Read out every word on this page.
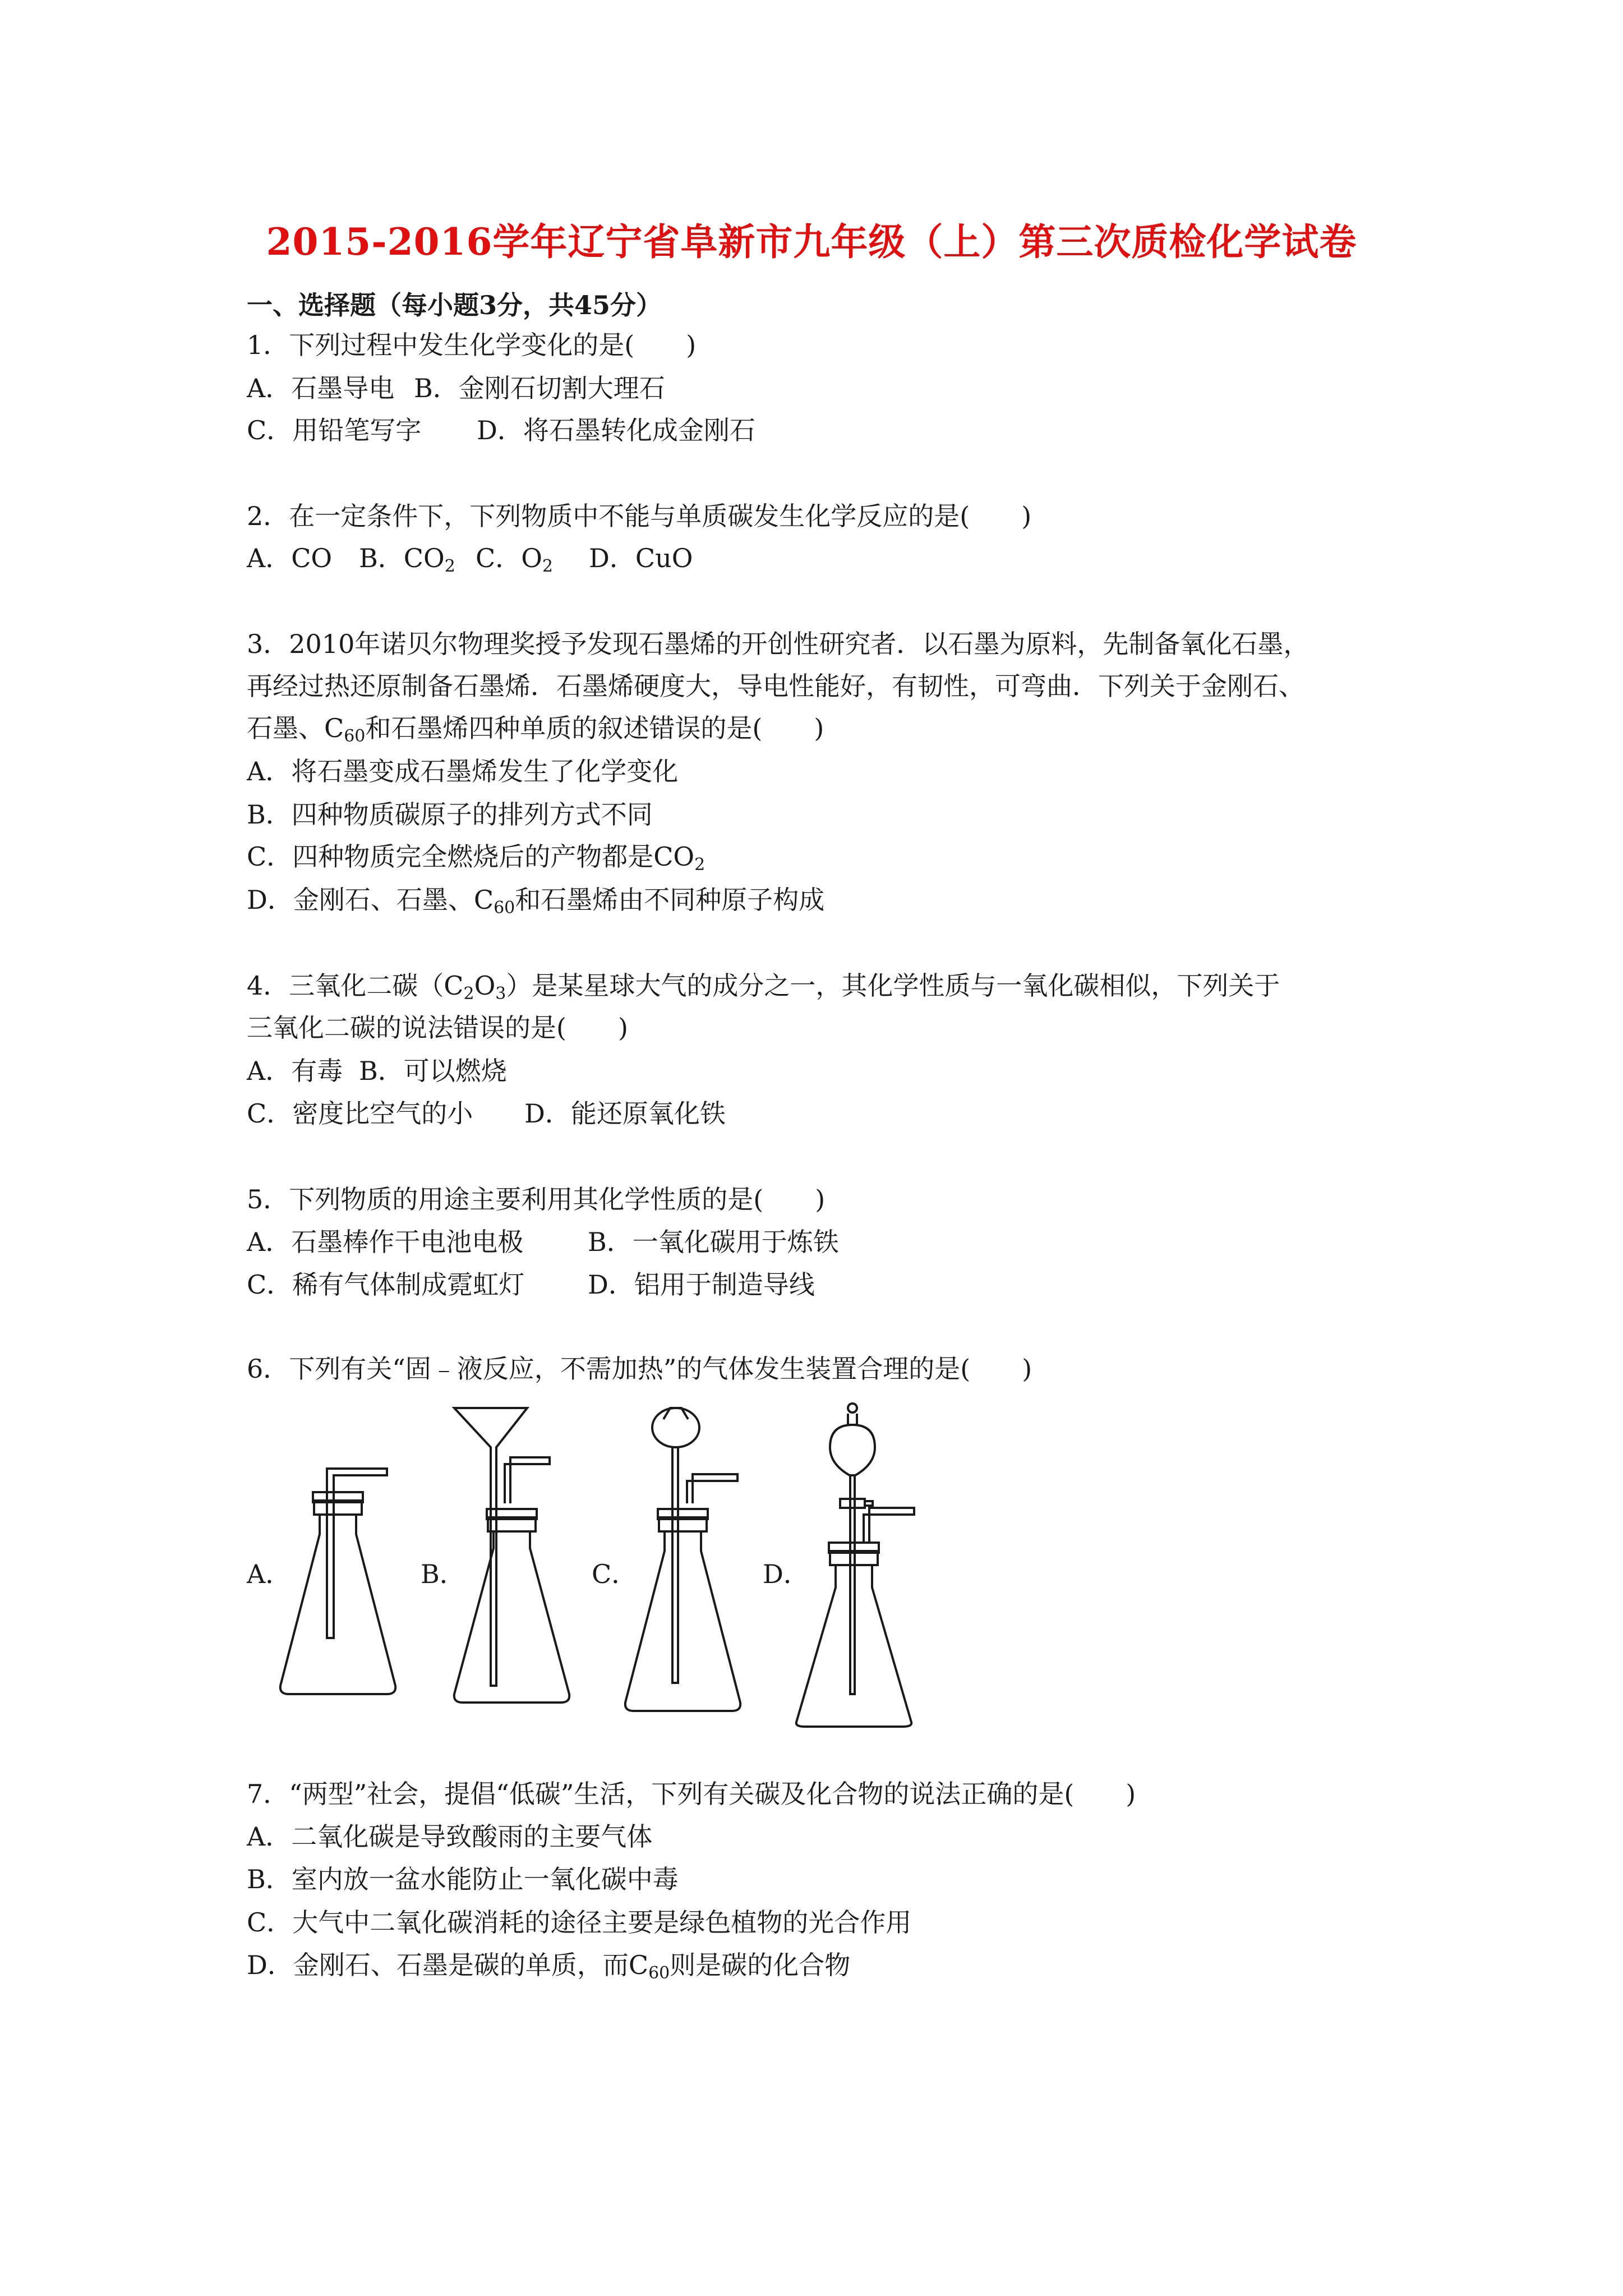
2015-2016学年辽宁省阜新市九年级（上）第三次质检化学试卷
一、选择题（每小题3分，共45分）
1．下列过程中发生化学变化的是(　　)
A．石墨导电 B．金刚石切割大理石
C．用铅笔写字 D．将石墨转化成金刚石
2．在一定条件下，下列物质中不能与单质碳发生化学反应的是(　　)
A．CO B．$CO_2$ C．$O_2$ D．CuO
3．2010年诺贝尔物理奖授予发现石墨烯的开创性研究者．以石墨为原料，先制备氧化石墨，
再经过热还原制备石墨烯．石墨烯硬度大，导电性能好，有韧性，可弯曲．下列关于金刚石、
石墨、$C_{60}$和石墨烯四种单质的叙述错误的是(　　)
A．将石墨变成石墨烯发生了化学变化
B．四种物质碳原子的排列方式不同
C．四种物质完全燃烧后的产物都是$CO_2$
D．金刚石、石墨、$C_{60}$和石墨烯由不同种原子构成
4．三氧化二碳$(C_2O_3)$是某星球大气的成分之一，其化学性质与一氧化碳相似，下列关于
三氧化二碳的说法错误的是(　　)
A．有毒 B．可以燃烧
C．密度比空气的小 D．能还原氧化铁
5．下列物质的用途主要利用其化学性质的是(　　)
A．石墨棒作干电池电极 B．一氧化碳用于炼铁
C．稀有气体制成霓虹灯 D．铝用于制造导线
6．下列有关“固﹣液反应，不需加热”的气体发生装置合理的是(　　)
A．	B．	C．	D．
7．“两型”社会，提倡“低碳”生活，下列有关碳及化合物的说法正确的是(　　)
A．二氧化碳是导致酸雨的主要气体
B．室内放一盆水能防止一氧化碳中毒
C．大气中二氧化碳消耗的途径主要是绿色植物的光合作用
D．金刚石、石墨是碳的单质，而$C_{60}$则是碳的化合物
